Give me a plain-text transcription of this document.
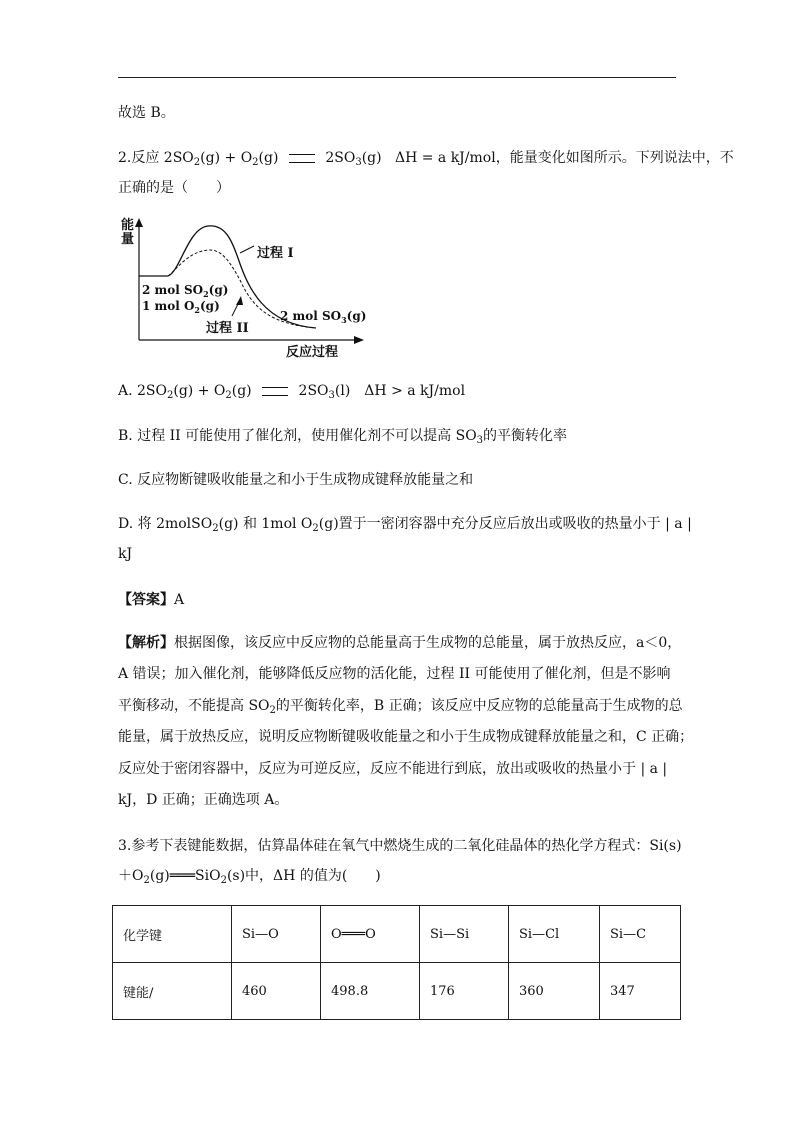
故选 B。
2.反应 $2SO_2(g) + O_2(g)$	$2SO_3(g) \Delta H = a$ kJ/mol，能量变化如图所示。下列说法中，不
正确的是（　　）
能
量
过程 I
2 mol $SO_2(g)$
1 mol $O_2(g)$
2 mol $SO_3(g)$
过程 II
反应过程
A. $2SO_2(g) + O_2(g)$	$2SO_3(l)$　ΔH > a kJ/mol
B. 过程 II 可能使用了催化剂，使用催化剂不可以提高 $SO_3$的平衡转化率
C. 反应物断键吸收能量之和小于生成物成键释放能量之和
D. 将 2molSO$_2$(g) 和 1mol $O_2(g)$置于一密闭容器中充分反应后放出或吸收的热量小于 | a |
kJ
【答案】A
【解析】根据图像，该反应中反应物的总能量高于生成物的总能量，属于放热反应，a＜0，
A 错误；加入催化剂，能够降低反应物的活化能，过程 II 可能使用了催化剂，但是不影响
平衡移动，不能提高 $SO_2$的平衡转化率，B 正确；该反应中反应物的总能量高于生成物的总
能量，属于放热反应，说明反应物断键吸收能量之和小于生成物成键释放能量之和，C 正确；
反应处于密闭容器中，反应为可逆反应，反应不能进行到底，放出或吸收的热量小于 | a |
kJ，D 正确；正确选项 A。
3.参考下表键能数据，估算晶体硅在氧气中燃烧生成的二氧化硅晶体的热化学方程式：Si(s)
$+O_2(g)═══SiO_2(s)$中，ΔH 的值为(　　)
化学键	Si—O	O═══O	Si—Si	Si—Cl	Si—C
键能/	460	498.8	176	360	347
